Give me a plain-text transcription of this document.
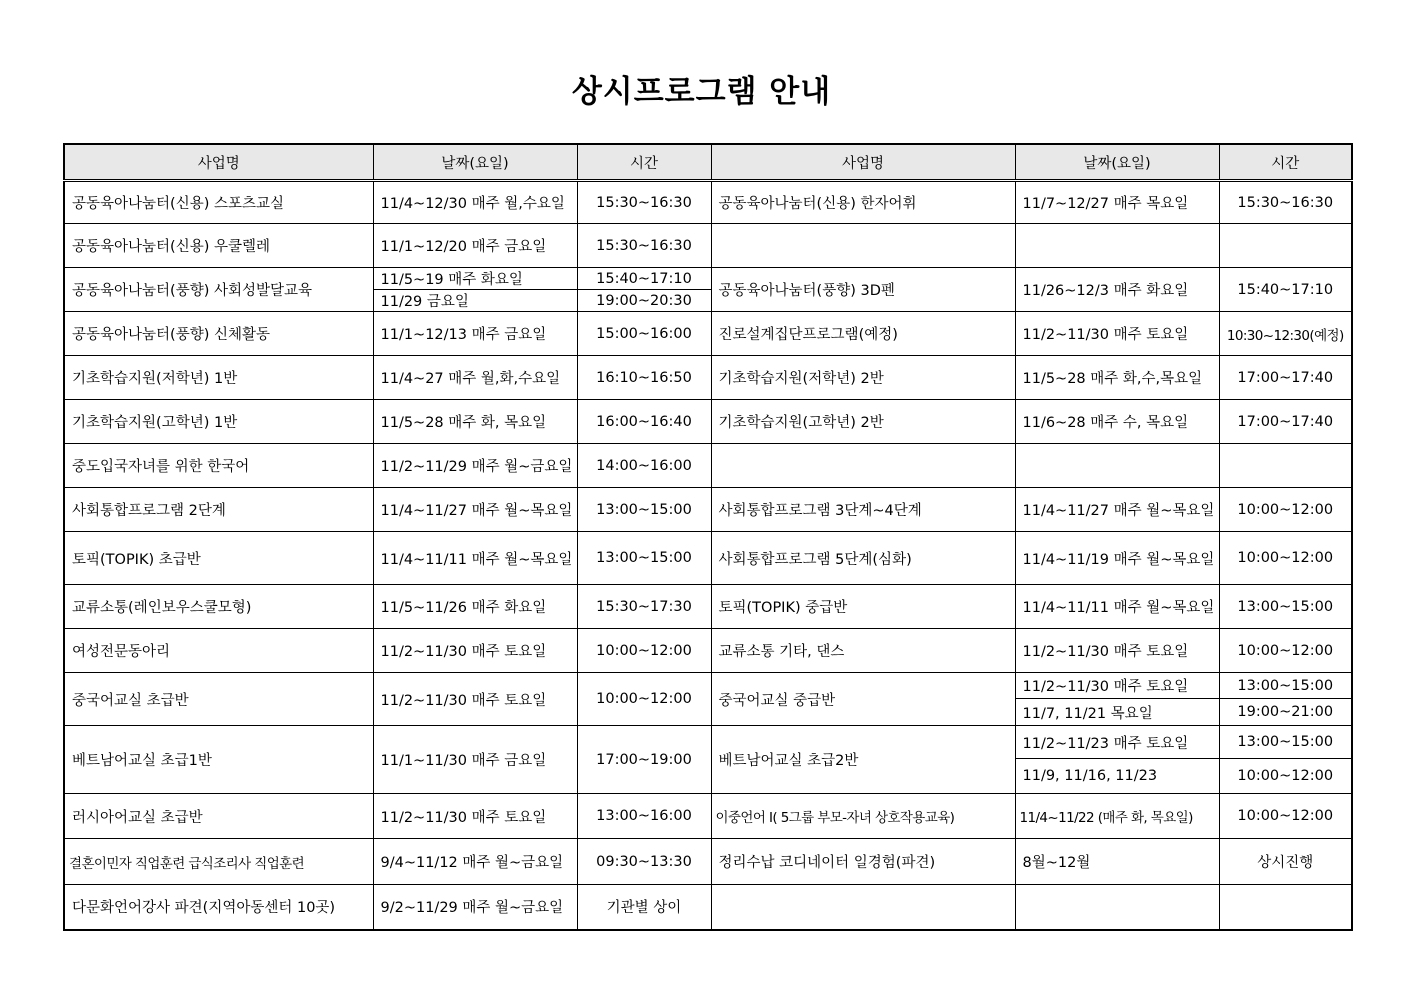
상시프로그램 안내
사업명	날짜(요일)	시간	사업명	날짜(요일)	시간
공동육아나눔터(신용) 스포츠교실	11/4~12/30 매주 월,수요일	15:30~16:30	공동육아나눔터(신용) 한자어휘	11/7~12/27 매주 목요일	15:30~16:30
공동육아나눔터(신용) 우쿨렐레	11/1~12/20 매주 금요일	15:30~16:30			
공동육아나눔터(풍향) 사회성발달교육	11/5~19 매주 화요일	15:40~17:10	공동육아나눔터(풍향) 3D펜	11/26~12/3 매주 화요일	15:40~17:10
	11/29 금요일	19:00~20:30			
공동육아나눔터(풍향) 신체활동	11/1~12/13 매주 금요일	15:00~16:00	진로설계집단프로그램(예정)	11/2~11/30 매주 토요일	10:30~12:30(예정)
기초학습지원(저학년) 1반	11/4~27 매주 월,화,수요일	16:10~16:50	기초학습지원(저학년) 2반	11/5~28 매주 화,수,목요일	17:00~17:40
기초학습지원(고학년) 1반	11/5~28 매주 화, 목요일	16:00~16:40	기초학습지원(고학년) 2반	11/6~28 매주 수, 목요일	17:00~17:40
중도입국자녀를 위한 한국어	11/2~11/29 매주 월~금요일	14:00~16:00			
사회통합프로그램 2단계	11/4~11/27 매주 월~목요일	13:00~15:00	사회통합프로그램 3단계~4단계	11/4~11/27 매주 월~목요일	10:00~12:00
토픽(TOPIK) 초급반	11/4~11/11 매주 월~목요일	13:00~15:00	사회통합프로그램 5단계(심화)	11/4~11/19 매주 월~목요일	10:00~12:00
교류소통(레인보우스쿨모형)	11/5~11/26 매주 화요일	15:30~17:30	토픽(TOPIK) 중급반	11/4~11/11 매주 월~목요일	13:00~15:00
여성전문동아리	11/2~11/30 매주 토요일	10:00~12:00	교류소통 기타, 댄스	11/2~11/30 매주 토요일	10:00~12:00
중국어교실 초급반	11/2~11/30 매주 토요일	10:00~12:00	중국어교실 중급반	11/2~11/30 매주 토요일	13:00~15:00
				11/7, 11/21 목요일	19:00~21:00
베트남어교실 초급1반	11/1~11/30 매주 금요일	17:00~19:00	베트남어교실 초급2반	11/2~11/23 매주 토요일	13:00~15:00
				11/9, 11/16, 11/23	10:00~12:00
러시아어교실 초급반	11/2~11/30 매주 토요일	13:00~16:00	이중언어 I( 5그룹 부모-자녀 상호작용교육)	11/4~11/22 (매주 화, 목요일)	10:00~12:00
결혼이민자 직업훈련 급식조리사 직업훈련	9/4~11/12 매주 월~금요일	09:30~13:30	정리수납 코디네이터 일경험(파견)	8월~12월	상시진행
다문화언어강사 파견(지역아동센터 10곳)	9/2~11/29 매주 월~금요일	기관별 상이			
